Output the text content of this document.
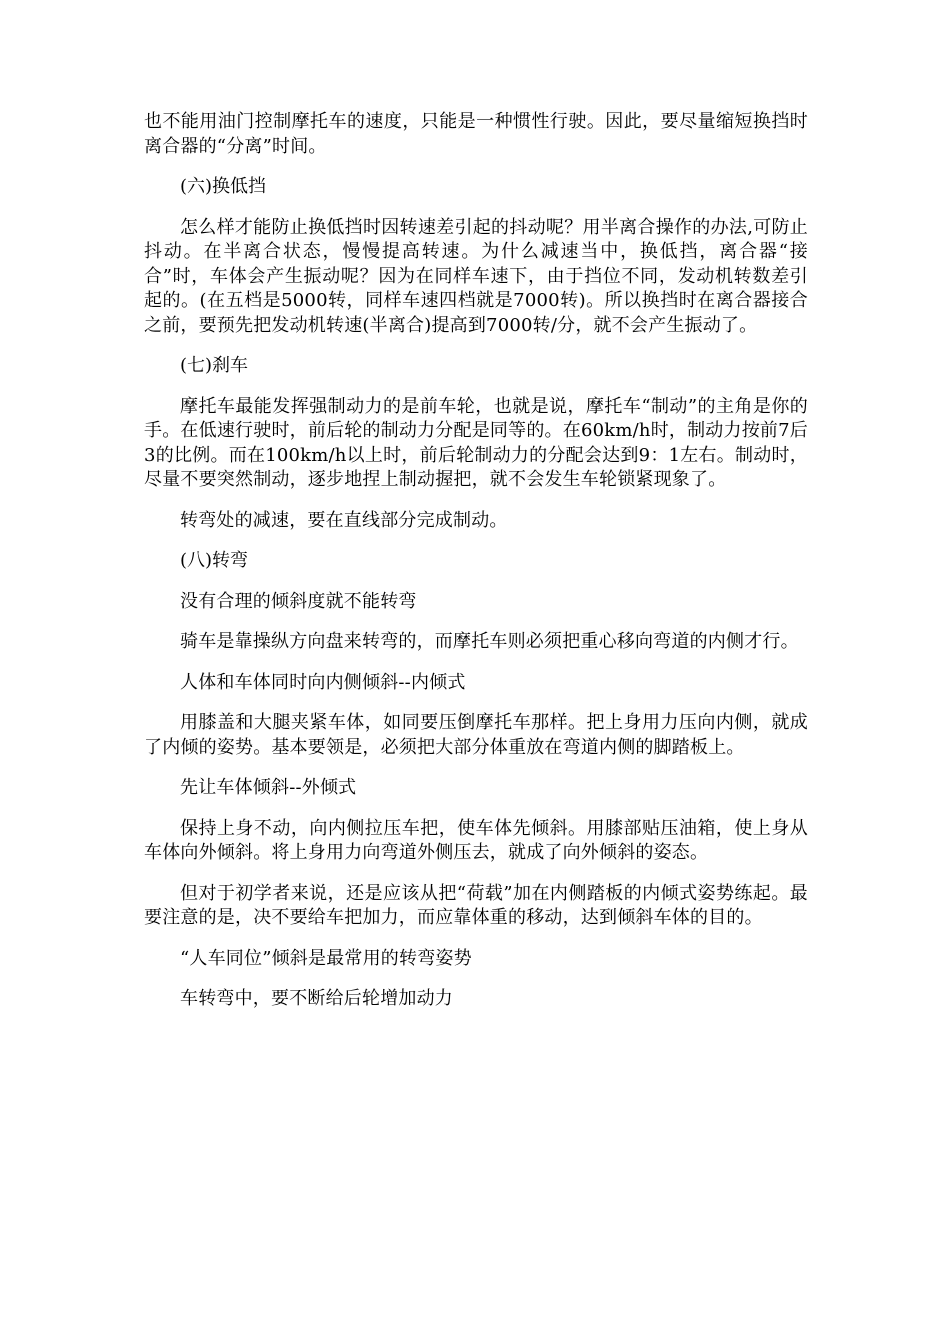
也不能用油门控制摩托车的速度，只能是一种惯性行驶。因此，要尽量缩短换挡时离合器的“分离”时间。

(六)换低挡

怎么样才能防止换低挡时因转速差引起的抖动呢？用半离合操作的办法,可防止抖动。在半离合状态，慢慢提高转速。为什么减速当中，换低挡，离合器“接合”时，车体会产生振动呢？因为在同样车速下，由于挡位不同，发动机转数差引起的。(在五档是5000转，同样车速四档就是7000转)。所以换挡时在离合器接合之前，要预先把发动机转速(半离合)提高到7000转/分，就不会产生振动了。

(七)刹车

摩托车最能发挥强制动力的是前车轮，也就是说，摩托车“制动”的主角是你的手。在低速行驶时，前后轮的制动力分配是同等的。在60km/h时，制动力按前7后3的比例。而在100km/h以上时，前后轮制动力的分配会达到9：1左右。制动时，尽量不要突然制动，逐步地捏上制动握把，就不会发生车轮锁紧现象了。

转弯处的减速，要在直线部分完成制动。

(八)转弯

没有合理的倾斜度就不能转弯

骑车是靠操纵方向盘来转弯的，而摩托车则必须把重心移向弯道的内侧才行。

人体和车体同时向内侧倾斜--内倾式

用膝盖和大腿夹紧车体，如同要压倒摩托车那样。把上身用力压向内侧，就成了内倾的姿势。基本要领是，必须把大部分体重放在弯道内侧的脚踏板上。

先让车体倾斜--外倾式

保持上身不动，向内侧拉压车把，使车体先倾斜。用膝部贴压油箱，使上身从车体向外倾斜。将上身用力向弯道外侧压去，就成了向外倾斜的姿态。

但对于初学者来说，还是应该从把“荷载”加在内侧踏板的内倾式姿势练起。最要注意的是，决不要给车把加力，而应靠体重的移动，达到倾斜车体的目的。

“人车同位”倾斜是最常用的转弯姿势

车转弯中，要不断给后轮增加动力
